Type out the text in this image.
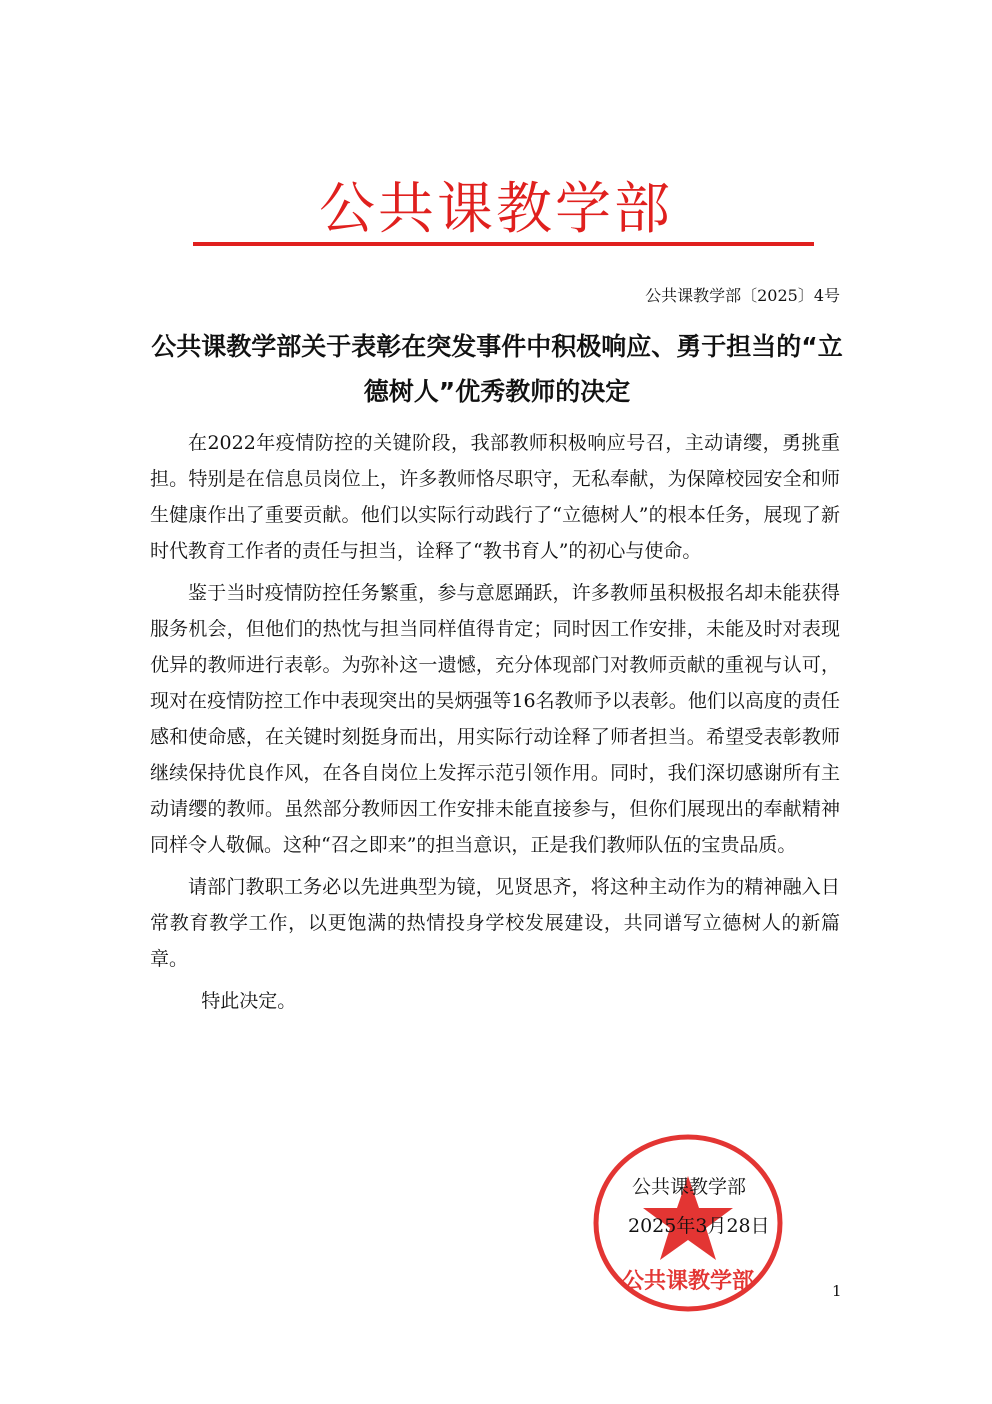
公共课教学部
公共课教学部〔2025〕4号
公共课教学部关于表彰在突发事件中积极响应、勇于担当的“立德树人”优秀教师的决定

在2022年疫情防控的关键阶段，我部教师积极响应号召，主动请缨，勇挑重担。特别是在信息员岗位上，许多教师恪尽职守，无私奉献，为保障校园安全和师生健康作出了重要贡献。他们以实际行动践行了“立德树人”的根本任务，展现了新时代教育工作者的责任与担当，诠释了“教书育人”的初心与使命。

鉴于当时疫情防控任务繁重，参与意愿踊跃，许多教师虽积极报名却未能获得服务机会，但他们的热忱与担当同样值得肯定；同时因工作安排，未能及时对表现优异的教师进行表彰。为弥补这一遗憾，充分体现部门对教师贡献的重视与认可，现对在疫情防控工作中表现突出的吴炳强等16名教师予以表彰。他们以高度的责任感和使命感，在关键时刻挺身而出，用实际行动诠释了师者担当。希望受表彰教师继续保持优良作风，在各自岗位上发挥示范引领作用。同时，我们深切感谢所有主动请缨的教师。虽然部分教师因工作安排未能直接参与，但你们展现出的奉献精神同样令人敬佩。这种“召之即来”的担当意识，正是我们教师队伍的宝贵品质。

请部门教职工务必以先进典型为镜，见贤思齐，将这种主动作为的精神融入日常教育教学工作，以更饱满的热情投身学校发展建设，共同谱写立德树人的新篇章。

特此决定。

公共课教学部
公共课教学部
2025年3月28日
1
